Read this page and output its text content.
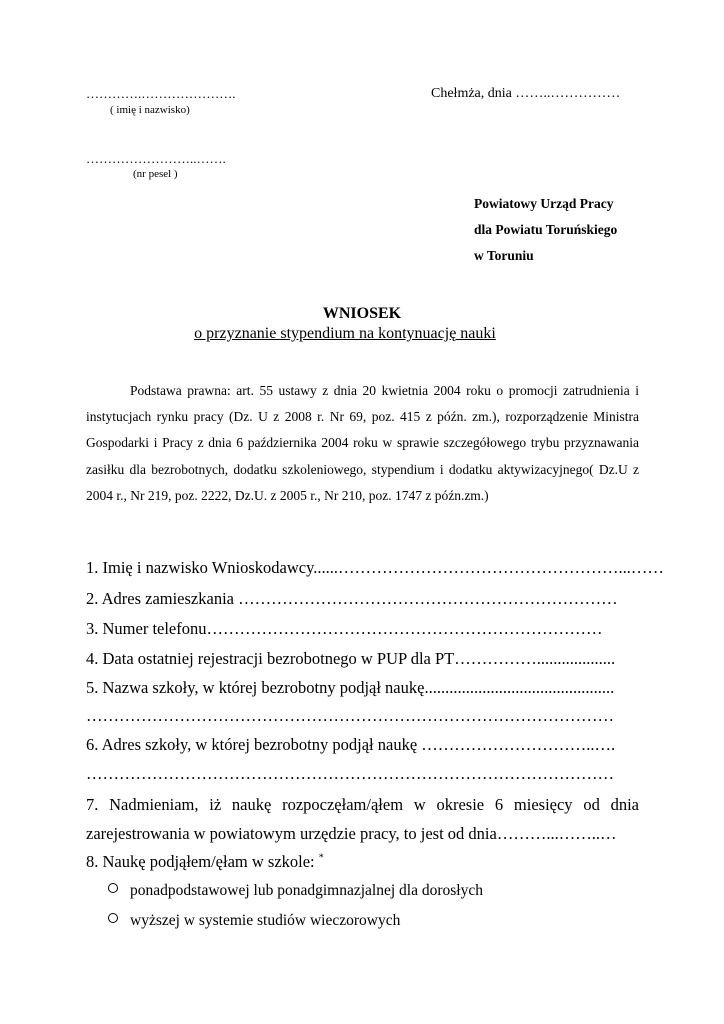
………….………………….
( imię i nazwisko)
……………………..…….
(nr pesel )
Chełmża, dnia ……..……………
Powiatowy Urząd Pracy
dla Powiatu Toruńskiego
w Toruniu
WNIOSEK
o przyznanie stypendium na kontynuację nauki
Podstawa prawna: art. 55 ustawy z dnia 20 kwietnia 2004 roku o promocji zatrudnienia i instytucjach rynku pracy (Dz. U z 2008 r. Nr 69, poz. 415 z późn. zm.), rozporządzenie Ministra Gospodarki i Pracy z dnia 6 października 2004 roku w sprawie szczegółowego trybu przyznawania zasiłku dla bezrobotnych, dodatku szkoleniowego, stypendium i dodatku aktywizacyjnego( Dz.U z 2004 r., Nr 219, poz. 2222, Dz.U. z 2005 r., Nr 210, poz. 1747 z późn.zm.)
1. Imię i nazwisko Wnioskodawcy......……………………………………………...……
2. Adres zamieszkania ……………………………………………………………
3. Numer telefonu………………………………………………………………
4. Data ostatniej rejestracji bezrobotnego w PUP dla PT……………...................
5. Nazwa szkoły, w której bezrobotny podjął naukę..............................................
……………………………………………………………………………………
6. Adres szkoły, w której bezrobotny podjął naukę …………………………..….
……………………………………………………………………………………
7. Nadmieniam, iż naukę rozpoczęłam/ąłem w okresie 6 miesięcy od dnia zarejestrowania w powiatowym urzędzie pracy, to jest od dnia………...……..…
8. Naukę podjąłem/ęłam w szkole: *
ponadpodstawowej lub ponadgimnazjalnej dla dorosłych
wyższej w systemie studiów wieczorowych
